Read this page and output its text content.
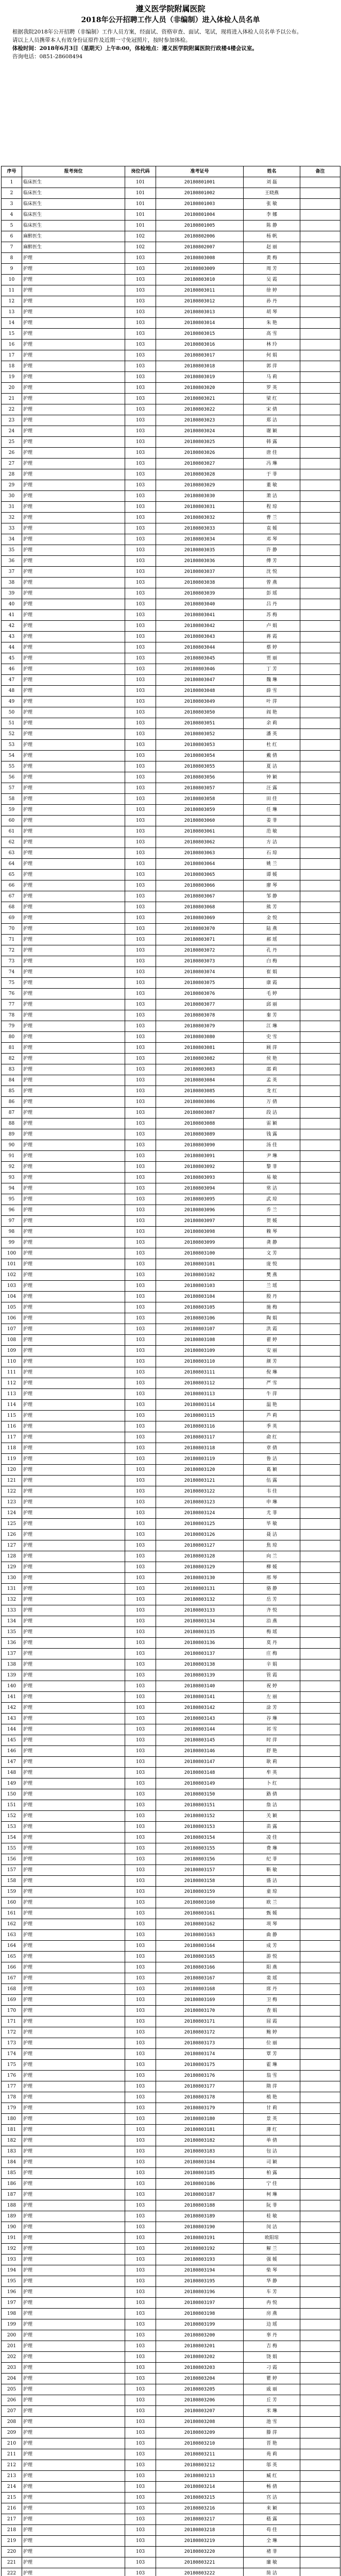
遵义医学院附属医院

2018年公开招聘工作人员（非编制）进入体检人员名单

根据我院2018年公开招聘（非编制）工作人员方案，经面试、资格审查、面试、笔试，现将进入体检人员名单予以公布。

请以上人员携带本人有效身份证原件及近期一寸免冠照片，按时参加体检。

体检时间：2018年6月3日（星期天）上午8:00，体检地点：遵义医学院附属医院行政楼4楼会议室。

咨询电话：0851-28608494

序号	报考岗位	岗位代码	准考证号	姓名	备注
1	临床医生	101	20180801001	刘 磊	
2	临床医生	101	20180801002	王晓燕	
3	临床医生	101	20180801003	张 敏	
4	临床医生	101	20180801004	李 娜	
5	临床医生	101	20180801005	陈 静	
6	麻醉医生	102	20180802006	杨 帆	
7	麻醉医生	102	20180802007	赵 丽	
8	护理	103	20180803008	黄 梅	
9	护理	103	20180803009	周 芳	
10	护理	103	20180803010	吴 霞	
11	护理	103	20180803011	徐 婷	
12	护理	103	20180803012	孙 丹	
13	护理	103	20180803013	胡 琴	
14	护理	103	20180803014	朱 艳	
15	护理	103	20180803015	高 雪	
16	护理	103	20180803016	林 玲	
17	护理	103	20180803017	何 娟	
18	护理	103	20180803018	郭 萍	
19	护理	103	20180803019	马 莉	
20	护理	103	20180803020	罗 英	
21	护理	103	20180803021	梁 红	
22	护理	103	20180803022	宋 倩	
23	护理	103	20180803023	郑 洁	
24	护理	103	20180803024	谢 颖	
25	护理	103	20180803025	韩 露	
26	护理	103	20180803026	唐 佳	
27	护理	103	20180803027	冯 琳	
28	护理	103	20180803028	于 菲	
29	护理	103	20180803029	董 敏	
30	护理	103	20180803030	萧 洁	
31	护理	103	20180803031	程 琼	
32	护理	103	20180803032	曹 兰	
33	护理	103	20180803033	袁 媛	
34	护理	103	20180803034	邓 琴	
35	护理	103	20180803035	许 静	
36	护理	103	20180803036	傅 芳	
37	护理	103	20180803037	沈 悦	
38	护理	103	20180803038	曾 燕	
39	护理	103	20180803039	彭 瑶	
40	护理	103	20180803040	吕 丹	
41	护理	103	20180803041	苏 梅	
42	护理	103	20180803042	卢 娟	
43	护理	103	20180803043	蒋 霞	
44	护理	103	20180803044	蔡 婷	
45	护理	103	20180803045	贾 丽	
46	护理	103	20180803046	丁 芳	
47	护理	103	20180803047	魏 琳	
48	护理	103	20180803048	薛 雪	
49	护理	103	20180803049	叶 萍	
50	护理	103	20180803050	阎 艳	
51	护理	103	20180803051	余 莉	
52	护理	103	20180803052	潘 英	
53	护理	103	20180803053	杜 红	
54	护理	103	20180803054	戴 倩	
55	护理	103	20180803055	夏 洁	
56	护理	103	20180803056	钟 颖	
57	护理	103	20180803057	汪 露	
58	护理	103	20180803058	田 佳	
59	护理	103	20180803059	任 琳	
60	护理	103	20180803060	姜 菲	
61	护理	103	20180803061	范 敏	
62	护理	103	20180803062	方 洁	
63	护理	103	20180803063	石 琼	
64	护理	103	20180803064	姚 兰	
65	护理	103	20180803065	谭 媛	
66	护理	103	20180803066	廖 琴	
67	护理	103	20180803067	邹 静	
68	护理	103	20180803068	熊 芳	
69	护理	103	20180803069	金 悦	
70	护理	103	20180803070	陆 燕	
71	护理	103	20180803071	郝 瑶	
72	护理	103	20180803072	孔 丹	
73	护理	103	20180803073	白 梅	
74	护理	103	20180803074	崔 娟	
75	护理	103	20180803075	康 霞	
76	护理	103	20180803076	毛 婷	
77	护理	103	20180803077	邱 丽	
78	护理	103	20180803078	秦 芳	
79	护理	103	20180803079	江 琳	
80	护理	103	20180803080	史 雪	
81	护理	103	20180803081	顾 萍	
82	护理	103	20180803082	侯 艳	
83	护理	103	20180803083	邵 莉	
84	护理	103	20180803084	孟 英	
85	护理	103	20180803085	龙 红	
86	护理	103	20180803086	万 倩	
87	护理	103	20180803087	段 洁	
88	护理	103	20180803088	雷 颖	
89	护理	103	20180803089	钱 露	
90	护理	103	20180803090	汤 佳	
91	护理	103	20180803091	尹 琳	
92	护理	103	20180803092	黎 菲	
93	护理	103	20180803093	易 敏	
94	护理	103	20180803094	常 洁	
95	护理	103	20180803095	武 琼	
96	护理	103	20180803096	乔 兰	
97	护理	103	20180803097	贺 媛	
98	护理	103	20180803098	赖 琴	
99	护理	103	20180803099	龚 静	
100	护理	103	20180803100	文 芳	
101	护理	103	20180803101	庞 悦	
102	护理	103	20180803102	樊 燕	
103	护理	103	20180803103	兰 瑶	
104	护理	103	20180803104	殷 丹	
105	护理	103	20180803105	施 梅	
106	护理	103	20180803106	陶 娟	
107	护理	103	20180803107	洪 霞	
108	护理	103	20180803108	翟 婷	
109	护理	103	20180803109	安 丽	
110	护理	103	20180803110	颜 芳	
111	护理	103	20180803111	倪 琳	
112	护理	103	20180803112	严 雪	
113	护理	103	20180803113	牛 萍	
114	护理	103	20180803114	温 艳	
115	护理	103	20180803115	芦 莉	
116	护理	103	20180803116	季 英	
117	护理	103	20180803117	俞 红	
118	护理	103	20180803118	章 倩	
119	护理	103	20180803119	鲁 洁	
120	护理	103	20180803120	葛 颖	
121	护理	103	20180803121	伍 露	
122	护理	103	20180803122	韦 佳	
123	护理	103	20180803123	申 琳	
124	护理	103	20180803124	尤 菲	
125	护理	103	20180803125	毕 敏	
126	护理	103	20180803126	聂 洁	
127	护理	103	20180803127	焦 琼	
128	护理	103	20180803128	向 兰	
129	护理	103	20180803129	柳 媛	
130	护理	103	20180803130	邢 琴	
131	护理	103	20180803131	骆 静	
132	护理	103	20180803132	岳 芳	
133	护理	103	20180803133	齐 悦	
134	护理	103	20180803134	沿 燕	
135	护理	103	20180803135	梅 瑶	
136	护理	103	20180803136	莫 丹	
137	护理	103	20180803137	庄 梅	
138	护理	103	20180803138	辛 娟	
139	护理	103	20180803139	管 霞	
140	护理	103	20180803140	祝 婷	
141	护理	103	20180803141	左 丽	
142	护理	103	20180803142	涂 芳	
143	护理	103	20180803143	谷 琳	
144	护理	103	20180803144	祁 雪	
145	护理	103	20180803145	时 萍	
146	护理	103	20180803146	舒 艳	
147	护理	103	20180803147	耿 莉	
148	护理	103	20180803148	牟 英	
149	护理	103	20180803149	卜 红	
150	护理	103	20180803150	路 倩	
151	护理	103	20180803151	詹 洁	
152	护理	103	20180803152	关 颖	
153	护理	103	20180803153	苗 露	
154	护理	103	20180803154	凌 佳	
155	护理	103	20180803155	费 琳	
156	护理	103	20180803156	纪 菲	
157	护理	103	20180803157	靳 敏	
158	护理	103	20180803158	盛 洁	
159	护理	103	20180803159	童 琼	
160	护理	103	20180803160	欧 兰	
161	护理	103	20180803161	甄 媛	
162	护理	103	20180803162	项 琴	
163	护理	103	20180803163	曲 静	
164	护理	103	20180803164	成 芳	
165	护理	103	20180803165	游 悦	
166	护理	103	20180803166	阳 燕	
167	护理	103	20180803167	裴 瑶	
168	护理	103	20180803168	席 丹	
169	护理	103	20180803169	卫 梅	
170	护理	103	20180803170	查 娟	
171	护理	103	20180803171	屈 霞	
172	护理	103	20180803172	鲍 婷	
173	护理	103	20180803173	位 丽	
174	护理	103	20180803174	覃 芳	
175	护理	103	20180803175	霍 琳	
176	护理	103	20180803176	翁 雪	
177	护理	103	20180803177	隋 萍	
178	护理	103	20180803178	植 艳	
179	护理	103	20180803179	甘 莉	
180	护理	103	20180803180	景 英	
181	护理	103	20180803181	薄 红	
182	护理	103	20180803182	单 倩	
183	护理	103	20180803183	包 洁	
184	护理	103	20180803184	司 颖	
185	护理	103	20180803185	柏 露	
186	护理	103	20180803186	宁 佳	
187	护理	103	20180803187	柯 琳	
188	护理	103	20180803188	阮 菲	
189	护理	103	20180803189	桂 敏	
190	护理	103	20180803190	闵 洁	
191	护理	103	20180803191	欧阳琼	
192	护理	103	20180803192	解 兰	
193	护理	103	20180803193	强 媛	
194	护理	103	20180803194	柴 琴	
195	护理	103	20180803195	华 静	
196	护理	103	20180803196	车 芳	
197	护理	103	20180803197	冉 悦	
198	护理	103	20180803198	房 燕	
199	护理	103	20180803199	边 瑶	
200	护理	103	20180803200	辜 丹	
201	护理	103	20180803201	吉 梅	
202	护理	103	20180803202	饶 娟	
203	护理	103	20180803203	刁 霞	
204	护理	103	20180803204	瞿 婷	
205	护理	103	20180803205	戚 丽	
206	护理	103	20180803206	丘 芳	
207	护理	103	20180803207	米 琳	
208	护理	103	20180803208	池 雪	
209	护理	103	20180803209	滕 萍	
210	护理	103	20180803210	晋 艳	
211	护理	103	20180803211	苑 莉	
212	护理	103	20180803212	邬 英	
213	护理	103	20180803213	臧 红	
214	护理	103	20180803214	畅 倩	
215	护理	103	20180803215	宫 洁	
216	护理	103	20180803216	来 颖	
217	护理	103	20180803217	嵇 露	
218	护理	103	20180803218	苟 佳	
219	护理	103	20180803219	全 琳	
220	护理	103	20180803220	褚 菲	
221	护理	103	20180803221	廉 敏	
222	护理	103	20180803222	简 洁	
